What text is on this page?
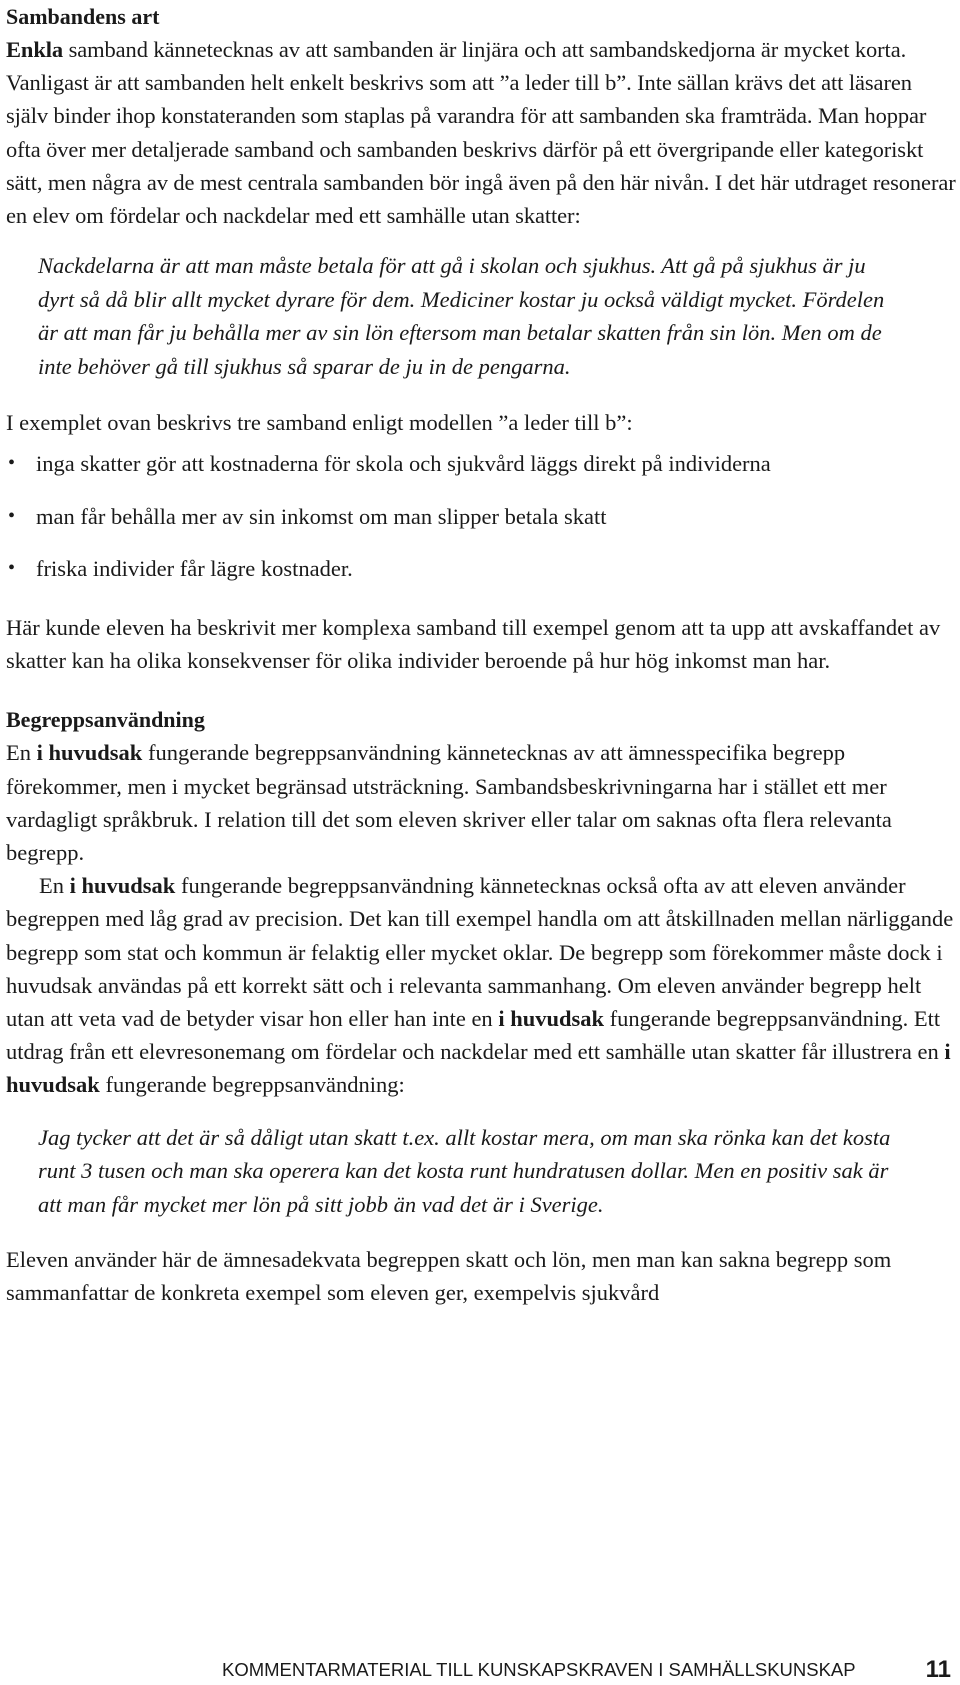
Sambandens art

Enkla samband kännetecknas av att sambanden är linjära och att sambandskedjorna är mycket korta. Vanligast är att sambanden helt enkelt beskrivs som att ”a leder till b”. Inte sällan krävs det att läsaren själv binder ihop konstateranden som staplas på varandra för att sambanden ska framträda. Man hoppar ofta över mer detaljerade samband och sambanden beskrivs därför på ett övergripande eller kategoriskt sätt, men några av de mest centrala sambanden bör ingå även på den här nivån. I det här utdraget resonerar en elev om fördelar och nackdelar med ett samhälle utan skatter:

Nackdelarna är att man måste betala för att gå i skolan och sjukhus. Att gå på sjukhus är ju dyrt så då blir allt mycket dyrare för dem. Mediciner kostar ju också väldigt mycket. Fördelen är att man får ju behålla mer av sin lön eftersom man betalar skatten från sin lön. Men om de inte behöver gå till sjukhus så sparar de ju in de pengarna.

I exemplet ovan beskrivs tre samband enligt modellen ”a leder till b”:

• inga skatter gör att kostnaderna för skola och sjukvård läggs direkt på individerna
• man får behålla mer av sin inkomst om man slipper betala skatt
• friska individer får lägre kostnader.

Här kunde eleven ha beskrivit mer komplexa samband till exempel genom att ta upp att avskaffandet av skatter kan ha olika konsekvenser för olika individer beroende på hur hög inkomst man har.

Begreppsanvändning

En i huvudsak fungerande begreppsanvändning kännetecknas av att ämnesspecifika begrepp förekommer, men i mycket begränsad utsträckning. Sambandsbeskrivningarna har i stället ett mer vardagligt språkbruk. I relation till det som eleven skriver eller talar om saknas ofta flera relevanta begrepp.

En i huvudsak fungerande begreppsanvändning kännetecknas också ofta av att eleven använder begreppen med låg grad av precision. Det kan till exempel handla om att åtskillnaden mellan närliggande begrepp som stat och kommun är felaktig eller mycket oklar. De begrepp som förekommer måste dock i huvudsak användas på ett korrekt sätt och i relevanta sammanhang. Om eleven använder begrepp helt utan att veta vad de betyder visar hon eller han inte en i huvudsak fungerande begreppsanvändning. Ett utdrag från ett elevresonemang om fördelar och nackdelar med ett samhälle utan skatter får illustrera en i huvudsak fungerande begreppsanvändning:

Jag tycker att det är så dåligt utan skatt t.ex. allt kostar mera, om man ska rönka kan det kosta runt 3 tusen och man ska operera kan det kosta runt hundratusen dollar. Men en positiv sak är att man får mycket mer lön på sitt jobb än vad det är i Sverige.

Eleven använder här de ämnesadekvata begreppen skatt och lön, men man kan sakna begrepp som sammanfattar de konkreta exempel som eleven ger, exempelvis sjukvård

KOMMENTARMATERIAL TILL KUNSKAPSKRAVEN I SAMHÄLLSKUNSKAP	11
